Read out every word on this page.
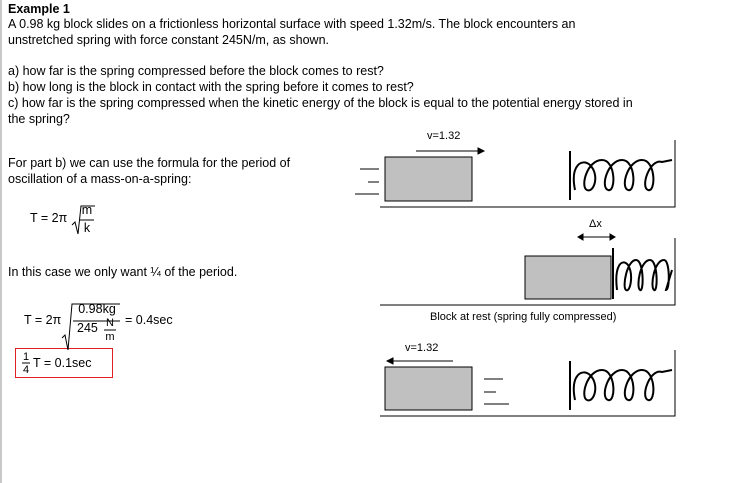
Example 1
A 0.98 kg block slides on a frictionless horizontal surface with speed 1.32m/s. The block encounters an
unstretched spring with force constant 245N/m, as shown.
a) how far is the spring compressed before the block comes to rest?
b) how long is the block in contact with the spring before it comes to rest?
c) how far is the spring compressed when the kinetic energy of the block is equal to the potential energy stored in
the spring?
For part b) we can use the formula for the period of
oscillation of a mass-on-a-spring:
T = 2π
m
k
In this case we only want ¼ of the period.
T = 2π
0.98kg
245 N
m
= 0.4sec
1
4 T = 0.1sec
v=1.32
Δx
Block at rest (spring fully compressed)
v=1.32
